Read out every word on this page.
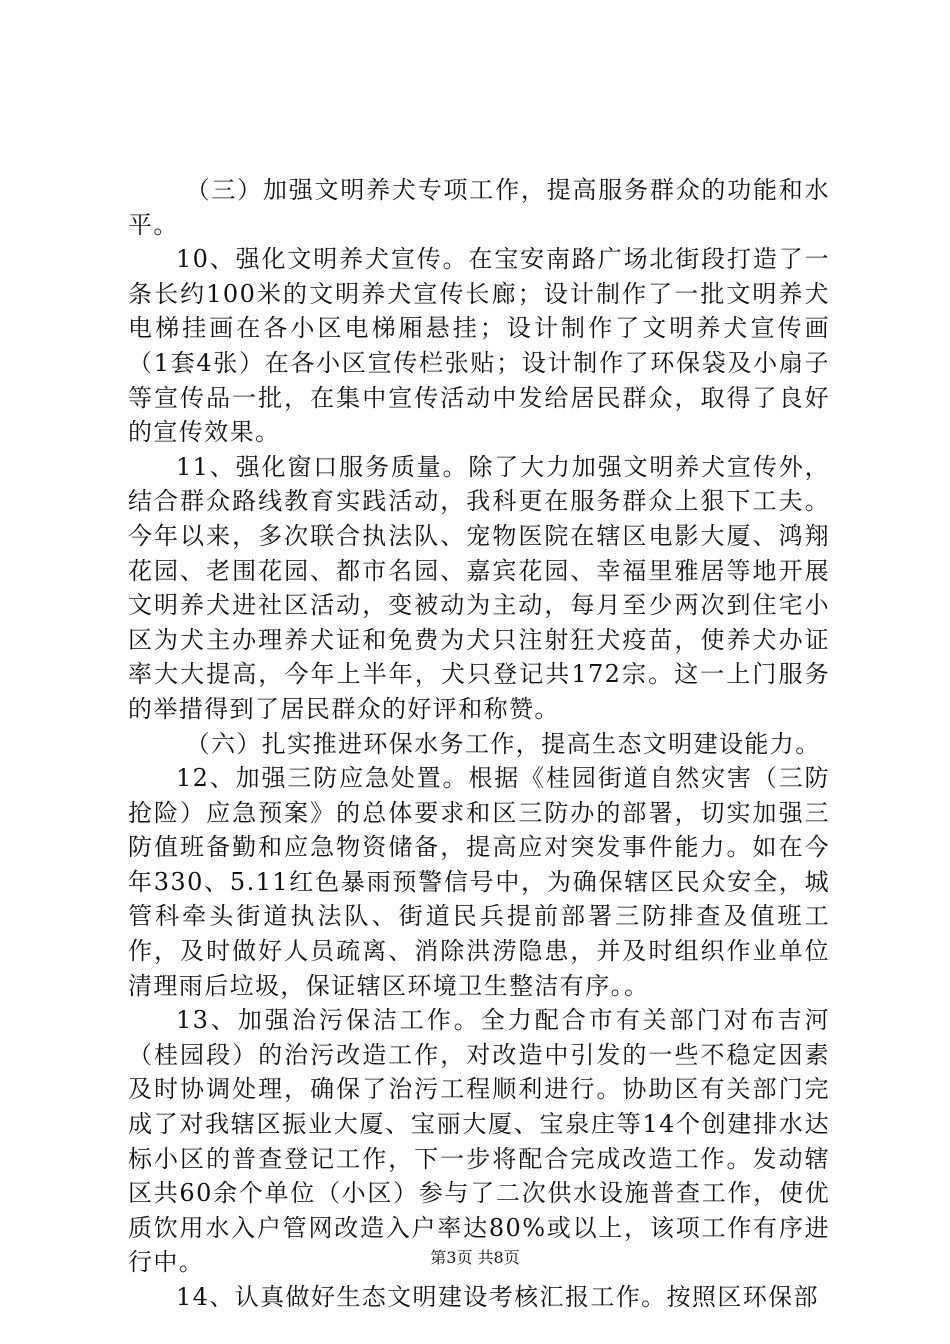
（三）加强文明养犬专项工作，提高服务群众的功能和水平。

10、强化文明养犬宣传。在宝安南路广场北街段打造了一条长约100米的文明养犬宣传长廊；设计制作了一批文明养犬电梯挂画在各小区电梯厢悬挂；设计制作了文明养犬宣传画（1套4张）在各小区宣传栏张贴；设计制作了环保袋及小扇子等宣传品一批，在集中宣传活动中发给居民群众，取得了良好的宣传效果。

11、强化窗口服务质量。除了大力加强文明养犬宣传外，结合群众路线教育实践活动，我科更在服务群众上狠下工夫。今年以来，多次联合执法队、宠物医院在辖区电影大厦、鸿翔花园、老围花园、都市名园、嘉宾花园、幸福里雅居等地开展文明养犬进社区活动，变被动为主动，每月至少两次到住宅小区为犬主办理养犬证和免费为犬只注射狂犬疫苗，使养犬办证率大大提高，今年上半年，犬只登记共172宗。这一上门服务的举措得到了居民群众的好评和称赞。

（六）扎实推进环保水务工作，提高生态文明建设能力。

12、加强三防应急处置。根据《桂园街道自然灾害（三防抢险）应急预案》的总体要求和区三防办的部署，切实加强三防值班备勤和应急物资储备，提高应对突发事件能力。如在今年330、5.11红色暴雨预警信号中，为确保辖区民众安全，城管科牵头街道执法队、街道民兵提前部署三防排查及值班工作，及时做好人员疏离、消除洪涝隐患，并及时组织作业单位清理雨后垃圾，保证辖区环境卫生整洁有序。。

13、加强治污保洁工作。全力配合市有关部门对布吉河（桂园段）的治污改造工作，对改造中引发的一些不稳定因素及时协调处理，确保了治污工程顺利进行。协助区有关部门完成了对我辖区振业大厦、宝丽大厦、宝泉庄等14个创建排水达标小区的普查登记工作，下一步将配合完成改造工作。发动辖区共60余个单位（小区）参与了二次供水设施普查工作，使优质饮用水入户管网改造入户率达80%或以上，该项工作有序进行中。

14、认真做好生态文明建设考核汇报工作。按照区环保部

第3页 共8页
